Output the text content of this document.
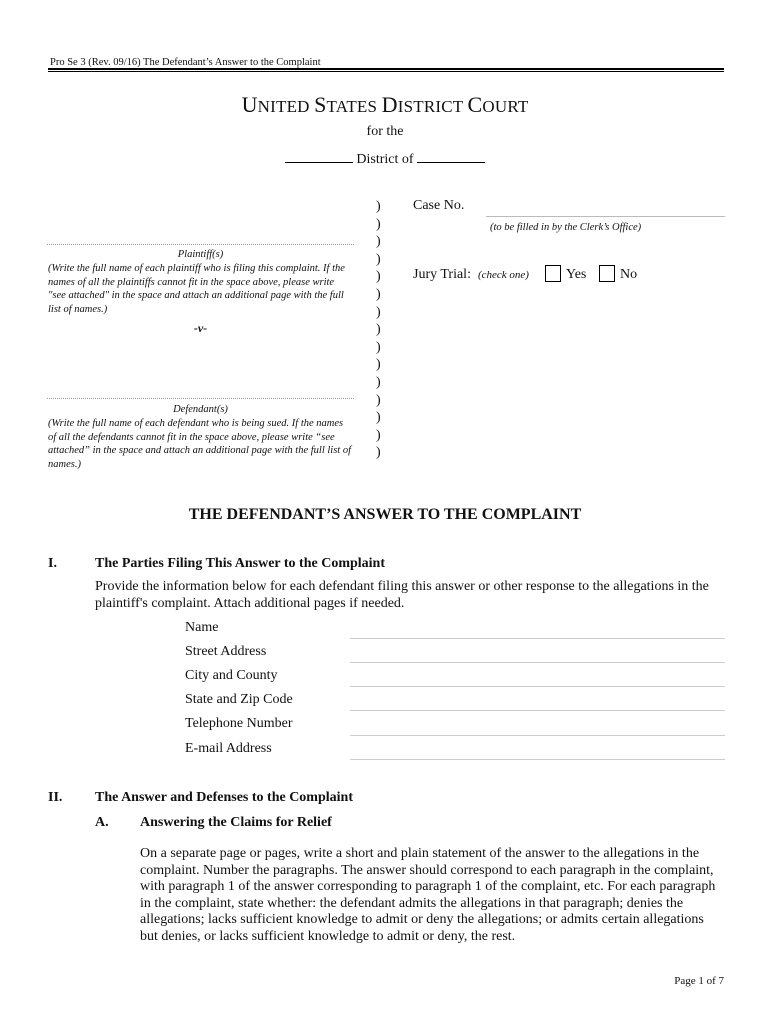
Pro Se 3 (Rev. 09/16) The Defendant’s Answer to the Complaint
UNITED STATES DISTRICT COURT
for the
District of
)
)
)
)
)
)
)
)
)
)
)
)
)
)
)
Case No.
(to be filled in by the Clerk’s Office)
Jury Trial: (check one)	Yes No
Plaintiff(s)
(Write the full name of each plaintiff who is filing this complaint. If the names of all the plaintiffs cannot fit in the space above, please write "see attached" in the space and attach an additional page with the full list of names.)
-v-
Defendant(s)
(Write the full name of each defendant who is being sued. If the names of all the defendants cannot fit in the space above, please write “see attached” in the space and attach an additional page with the full list of names.)
THE DEFENDANT’S ANSWER TO THE COMPLAINT
I.	The Parties Filing This Answer to the Complaint
Provide the information below for each defendant filing this answer or other response to the allegations in the plaintiff's complaint. Attach additional pages if needed.
Name
Street Address
City and County
State and Zip Code
Telephone Number
E-mail Address
II. The Answer and Defenses to the Complaint
A. Answering the Claims for Relief
On a separate page or pages, write a short and plain statement of the answer to the allegations in the complaint. Number the paragraphs. The answer should correspond to each paragraph in the complaint, with paragraph 1 of the answer corresponding to paragraph 1 of the complaint, etc. For each paragraph in the complaint, state whether: the defendant admits the allegations in that paragraph; denies the allegations; lacks sufficient knowledge to admit or deny the allegations; or admits certain allegations but denies, or lacks sufficient knowledge to admit or deny, the rest.
Page 1 of 7
